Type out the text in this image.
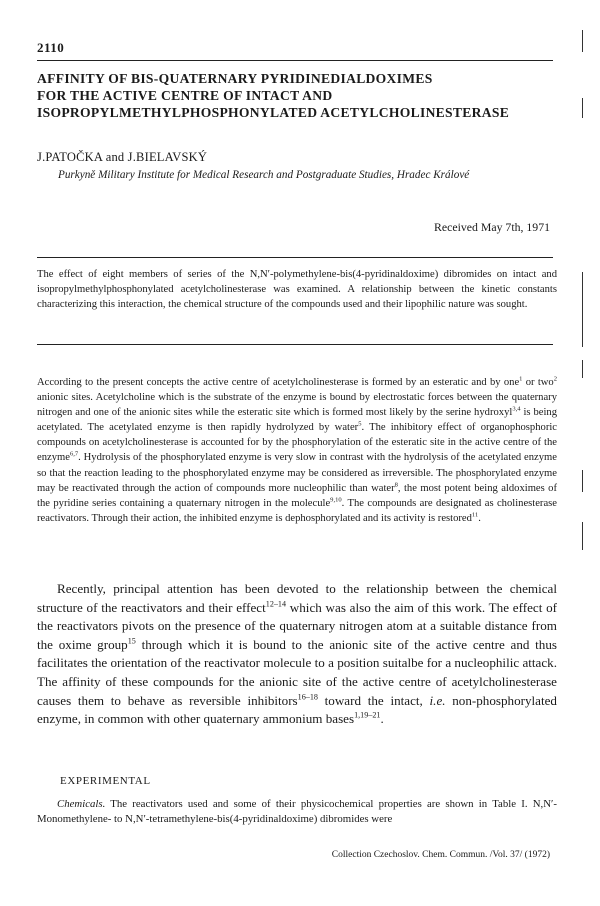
2110
AFFINITY OF BIS-QUATERNARY PYRIDINEDIALDOXIMES
FOR THE ACTIVE CENTRE OF INTACT AND
ISOPROPYLMETHYLPHOSPHONYLATED ACETYLCHOLINESTERASE
J.PATOČKA and J.BIELAVSKÝ
Purkyně Military Institute for Medical Research and Postgraduate Studies, Hradec Králové
Received May 7th, 1971
The effect of eight members of series of the N,N′-polymethylene-bis(4-pyridinaldoxime) dibromides on intact and isopropylmethylphosphonylated acetylcholinesterase was examined. A relationship between the kinetic constants characterizing this interaction, the chemical structure of the compounds used and their lipophilic nature was sought.
According to the present concepts the active centre of acetylcholinesterase is formed by an esteratic and by one$^1$ or two$^2$ anionic sites. Acetylcholine which is the substrate of the enzyme is bound by electrostatic forces between the quaternary nitrogen and one of the anionic sites while the esteratic site which is formed most likely by the serine hydroxyl$^{3,4}$ is being acetylated. The acetylated enzyme is then rapidly hydrolyzed by water$^5$. The inhibitory effect of organophosphoric compounds on acetylcholinesterase is accounted for by the phosphorylation of the esteratic site in the active centre of the enzyme$^{6,7}$. Hydrolysis of the phosphorylated enzyme is very slow in contrast with the hydrolysis of the acetylated enzyme so that the reaction leading to the phosphorylated enzyme may be considered as irreversible. The phosphorylated enzyme may be reactivated through the action of compounds more nucleophilic than water$^8$, the most potent being aldoximes of the pyridine series containing a quaternary nitrogen in the molecule$^{9,10}$. The compounds are designated as cholinesterase reactivators. Through their action, the inhibited enzyme is dephosphorylated and its activity is restored$^{11}$.
Recently, principal attention has been devoted to the relationship between the chemical structure of the reactivators and their effect$^{12-14}$ which was also the aim of this work. The effect of the reactivators pivots on the presence of the quaternary nitrogen atom at a suitable distance from the oxime group$^{15}$ through which it is bound to the anionic site of the active centre and thus facilitates the orientation of the reactivator molecule to a position suitalbe for a nucleophilic attack. The affinity of these compounds for the anionic site of the active centre of acetylcholinesterase causes them to behave as reversible inhibitors$^{16-18}$ toward the intact, i.e. non-phosphorylated enzyme, in common with other quaternary ammonium bases$^{1,19-21}$.
EXPERIMENTAL
Chemicals. The reactivators used and some of their physicochemical properties are shown in Table I. N,N′-Monomethylene- to N,N′-tetramethylene-bis(4-pyridinaldoxime) dibromides were
Collection Czechoslov. Chem. Commun. /Vol. 37/ (1972)
